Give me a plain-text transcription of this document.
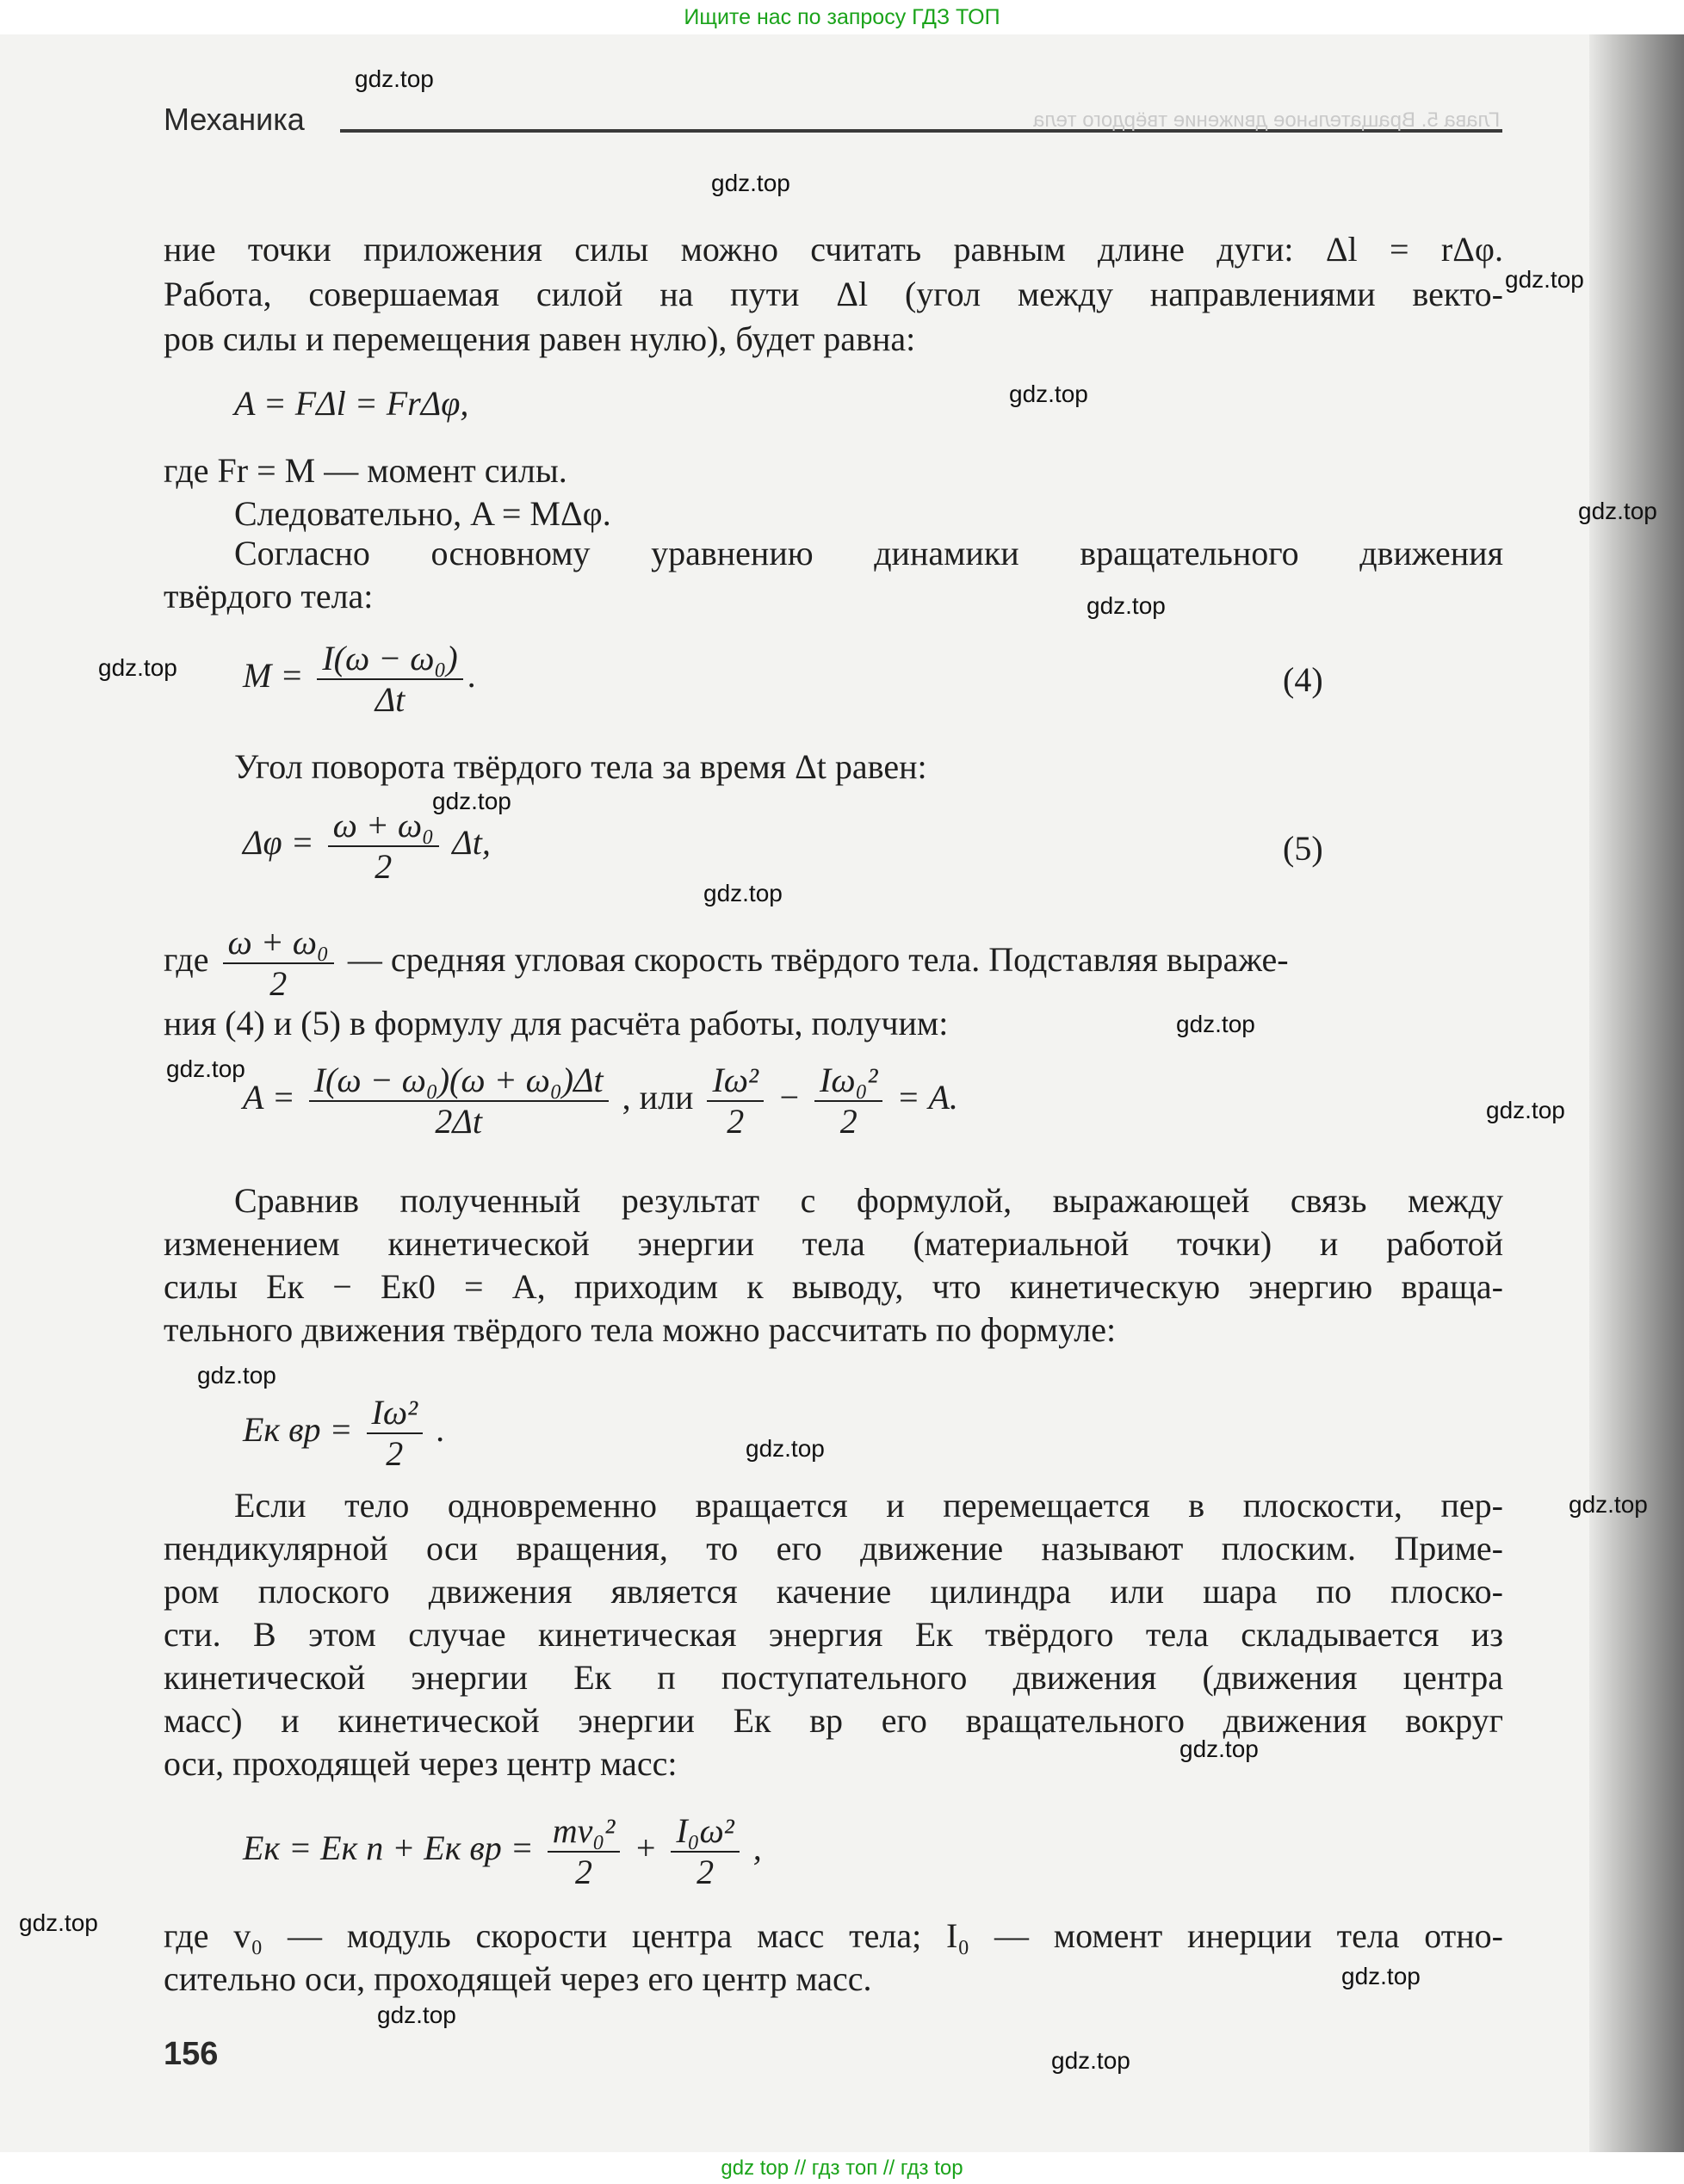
Ищите нас по запросу ГДЗ ТОП
Механика	Глава 5. Вращательное движение твёрдого тела
gdz.top
gdz.top
gdz.top
gdz.top
gdz.top
gdz.top
gdz.top
gdz.top
gdz.top
gdz.top
gdz.top
gdz.top
gdz.top
gdz.top
gdz.top
gdz.top
gdz.top
gdz.top
gdz.top
gdz.top
ние точки приложения силы можно считать равным длине дуги: Δl = rΔφ.
Работа, совершаемая силой на пути Δl (угол между направлениями векто-
ров силы и перемещения равен нулю), будет равна:
A = FΔl = FrΔφ,
где Fr = M — момент силы.
Следовательно, A = MΔφ.
Согласно основному уравнению динамики вращательного движения
твёрдого тела:
$M = \frac{\text{I(ω − ω₀)}}{\Delta t}$ .	(4)
Угол поворота твёрдого тела за время Δt равен:
$\Delta\varphi = \frac{\text{ω + ω₀}}{2} \Delta t$,	(5)
где $\frac{\text{ω + ω₀}}{2}$ — средняя угловая скорость твёрдого тела. Подставляя выраже-
ния (4) и (5) в формулу для расчёта работы, получим:
$A = \frac{\text{I(ω − ω₀)(ω + ω₀)Δt}}{2\Delta t}$ , или $\frac{\text{Iω²}}{2} - \frac{\text{Iω₀²}}{2} = A$.
Сравнив полученный результат с формулой, выражающей связь между
изменением кинетической энергии тела (материальной точки) и работой
силы Eк − Eк0 = A, приходим к выводу, что кинетическую энергию враща-
тельного движения твёрдого тела можно рассчитать по формуле:
Eк вр = $\frac{\text{Iω²}}{2}$ .
Если тело одновременно вращается и перемещается в плоскости, пер-
пендикулярной оси вращения, то его движение называют плоским. Приме-
ром плоского движения является качение цилиндра или шара по плоско-
сти. В этом случае кинетическая энергия Eк твёрдого тела складывается из
кинетической энергии Eк п поступательного движения (движения центра
масс) и кинетической энергии Eк вр его вращательного движения вокруг
оси, проходящей через центр масс:
Eк = Eк п + Eк вр = $\frac{\text{mv₀²}}{2} + \frac{\text{I₀ω²}}{2}$ ,
где v₀ — модуль скорости центра масс тела; I₀ — момент инерции тела отно-
сительно оси, проходящей через его центр масс.
156
gdz top // гдз топ // гдз top
